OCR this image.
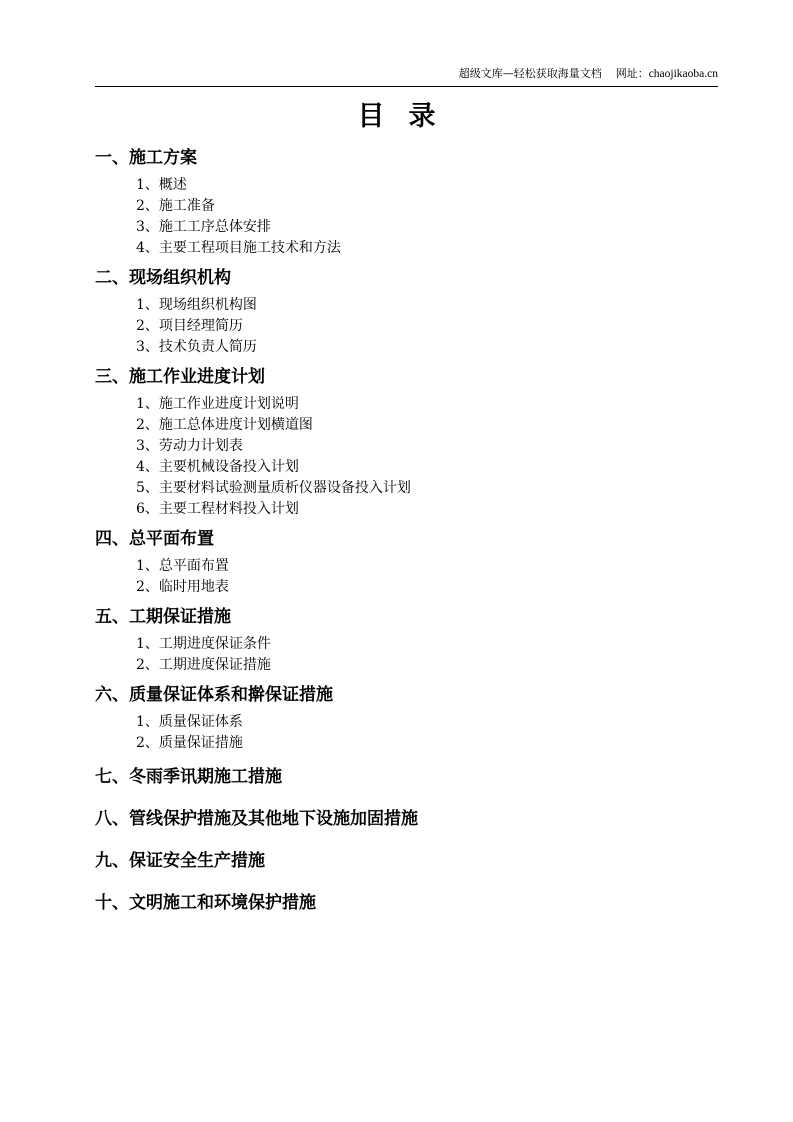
超级文库—轻松获取海量文档 网址：chaojikaoba.cn
目录
一、施工方案
1、概述
2、施工准备
3、施工工序总体安排
4、主要工程项目施工技术和方法
二、现场组织机构
1、现场组织机构图
2、项目经理简历
3、技术负责人简历
三、施工作业进度计划
1、施工作业进度计划说明
2、施工总体进度计划横道图
3、劳动力计划表
4、主要机械设备投入计划
5、主要材料试验测量质析仪器设备投入计划
6、主要工程材料投入计划
四、总平面布置
1、总平面布置
2、临时用地表
五、工期保证措施
1、工期进度保证条件
2、工期进度保证措施
六、质量保证体系和擀保证措施
1、质量保证体系
2、质量保证措施
七、冬雨季讯期施工措施
八、管线保护措施及其他地下设施加固措施
九、保证安全生产措施
十、文明施工和环境保护措施
